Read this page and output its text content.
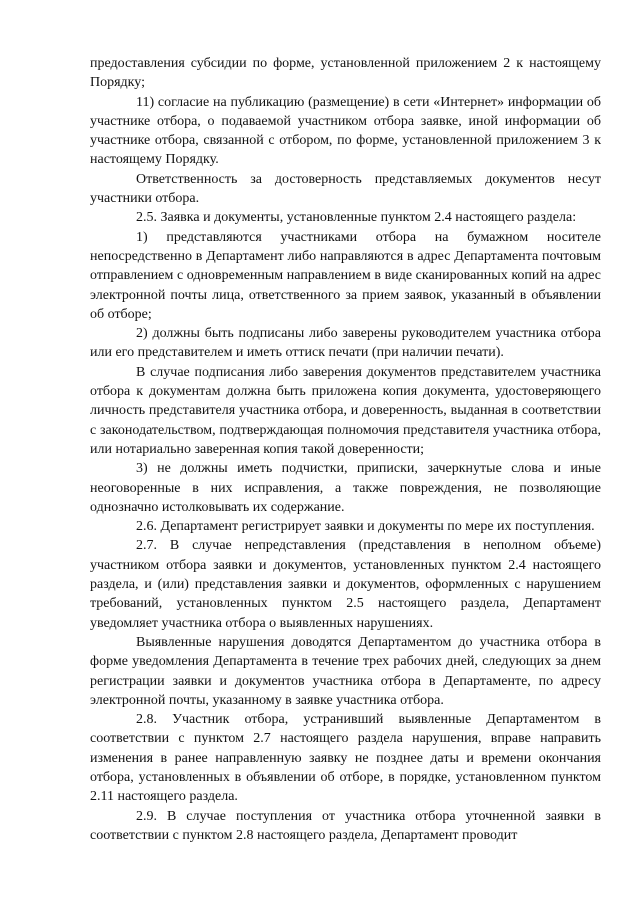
предоставления субсидии по форме, установленной приложением 2 к настоящему Порядку;

11) согласие на публикацию (размещение) в сети «Интернет» информации об участнике отбора, о подаваемой участником отбора заявке, иной информации об участнике отбора, связанной с отбором, по форме, установленной приложением 3 к настоящему Порядку.

Ответственность за достоверность представляемых документов несут участники отбора.

2.5. Заявка и документы, установленные пунктом 2.4 настоящего раздела:

1) представляются участниками отбора на бумажном носителе непосредственно в Департамент либо направляются в адрес Департамента почтовым отправлением с одновременным направлением в виде сканированных копий на адрес электронной почты лица, ответственного за прием заявок, указанный в объявлении об отборе;

2) должны быть подписаны либо заверены руководителем участника отбора или его представителем и иметь оттиск печати (при наличии печати).

В случае подписания либо заверения документов представителем участника отбора к документам должна быть приложена копия документа, удостоверяющего личность представителя участника отбора, и доверенность, выданная в соответствии с законодательством, подтверждающая полномочия представителя участника отбора, или нотариально заверенная копия такой доверенности;

3) не должны иметь подчистки, приписки, зачеркнутые слова и иные неоговоренные в них исправления, а также повреждения, не позволяющие однозначно истолковывать их содержание.

2.6. Департамент регистрирует заявки и документы по мере их поступления.

2.7. В случае непредставления (представления в неполном объеме) участником отбора заявки и документов, установленных пунктом 2.4 настоящего раздела, и (или) представления заявки и документов, оформленных с нарушением требований, установленных пунктом 2.5 настоящего раздела, Департамент уведомляет участника отбора о выявленных нарушениях.

Выявленные нарушения доводятся Департаментом до участника отбора в форме уведомления Департамента в течение трех рабочих дней, следующих за днем регистрации заявки и документов участника отбора в Департаменте, по адресу электронной почты, указанному в заявке участника отбора.

2.8. Участник отбора, устранивший выявленные Департаментом в соответствии с пунктом 2.7 настоящего раздела нарушения, вправе направить изменения в ранее направленную заявку не позднее даты и времени окончания отбора, установленных в объявлении об отборе, в порядке, установленном пунктом 2.11 настоящего раздела.

2.9. В случае поступления от участника отбора уточненной заявки в соответствии с пунктом 2.8 настоящего раздела, Департамент проводит
